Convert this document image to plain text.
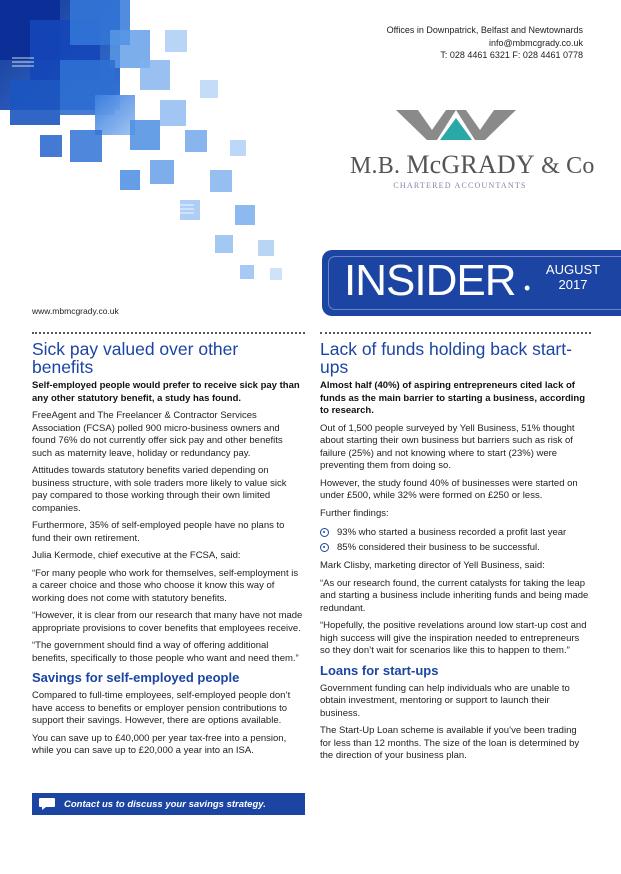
Offices in Downpatrick, Belfast and Newtownards
info@mbmcgrady.co.uk
T: 028 4461 6321 F: 028 4461 0778
M.B. McGRADY & Co
CHARTERED ACCOUNTANTS
INSIDER •
AUGUST
2017
www.mbmcgrady.co.uk
Sick pay valued over other benefits
Self-employed people would prefer to receive sick pay than any other statutory benefit, a study has found.

FreeAgent and The Freelancer & Contractor Services Association (FCSA) polled 900 micro-business owners and found 76% do not currently offer sick pay and other benefits such as maternity leave, holiday or redundancy pay.

Attitudes towards statutory benefits varied depending on business structure, with sole traders more likely to value sick pay compared to those working through their own limited companies.

Furthermore, 35% of self-employed people have no plans to fund their own retirement.

Julia Kermode, chief executive at the FCSA, said:

“For many people who work for themselves, self-employment is a career choice and those who choose it know this way of working does not come with statutory benefits.

“However, it is clear from our research that many have not made appropriate provisions to cover benefits that employees receive.

“The government should find a way of offering additional benefits, specifically to those people who want and need them.”

Savings for self-employed people

Compared to full-time employees, self-employed people don’t have access to benefits or employer pension contributions to support their savings. However, there are options available.

You can save up to £40,000 per year tax-free into a pension, while you can save up to £20,000 a year into an ISA.

Contact us to discuss your savings strategy.
Lack of funds holding back start-ups
Almost half (40%) of aspiring entrepreneurs cited lack of funds as the main barrier to starting a business, according to research.

Out of 1,500 people surveyed by Yell Business, 51% thought about starting their own business but barriers such as risk of failure (25%) and not knowing where to start (23%) were preventing them from doing so.

However, the study found 40% of businesses were started on under £500, while 32% were formed on £250 or less.

Further findings:

93% who started a business recorded a profit last year
85% considered their business to be successful.

Mark Clisby, marketing director of Yell Business, said:

“As our research found, the current catalysts for taking the leap and starting a business include inheriting funds and being made redundant.

“Hopefully, the positive revelations around low start-up cost and high success will give the inspiration needed to entrepreneurs so they don’t wait for scenarios like this to happen to them.”

Loans for start-ups

Government funding can help individuals who are unable to obtain investment, mentoring or support to launch their business.

The Start-Up Loan scheme is available if you’ve been trading for less than 12 months. The size of the loan is determined by the direction of your business plan.
